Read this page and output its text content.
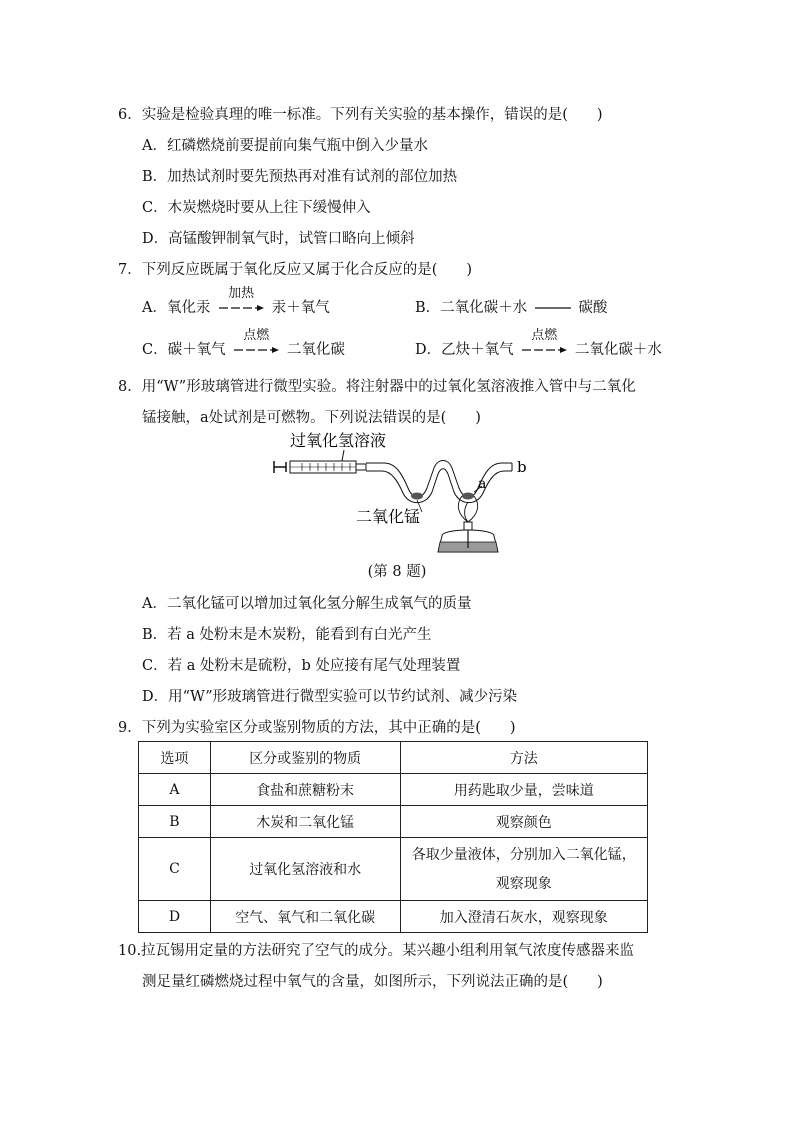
6．实验是检验真理的唯一标准。下列有关实验的基本操作，错误的是(　　)
A．红磷燃烧前要提前向集气瓶中倒入少量水
B．加热试剂时要先预热再对准有试剂的部位加热
C．木炭燃烧时要从上往下缓慢伸入
D．高锰酸钾制氧气时，试管口略向上倾斜
7．下列反应既属于氧化反应又属于化合反应的是(　　)
A．氧化汞
加热
汞＋氧气	B．二氧化碳＋水	碳酸
C．碳＋氧气
点燃
二氧化碳	D．乙炔＋氧气
点燃
二氧化碳＋水
8．用“W”形玻璃管进行微型实验。将注射器中的过氧化氢溶液推入管中与二氧化
锰接触，a处试剂是可燃物。下列说法错误的是(　　)
过氧化氢溶液
b
a
二氧化锰
(第 8 题)
A．二氧化锰可以增加过氧化氢分解生成氧气的质量
B．若 a 处粉末是木炭粉，能看到有白光产生
C．若 a 处粉末是硫粉，b 处应接有尾气处理装置
D．用“W”形玻璃管进行微型实验可以节约试剂、减少污染
9．下列为实验室区分或鉴别物质的方法，其中正确的是(　　)
选项	区分或鉴别的物质	方法
A	食盐和蔗糖粉末	用药匙取少量，尝味道
B	木炭和二氧化锰	观察颜色
C	过氧化氢溶液和水	各取少量液体，分别加入二氧化锰，
观察现象

D	空气、氧气和二氧化碳	加入澄清石灰水，观察现象
10.拉瓦锡用定量的方法研究了空气的成分。某兴趣小组利用氧气浓度传感器来监
测足量红磷燃烧过程中氧气的含量，如图所示，下列说法正确的是(　　)
